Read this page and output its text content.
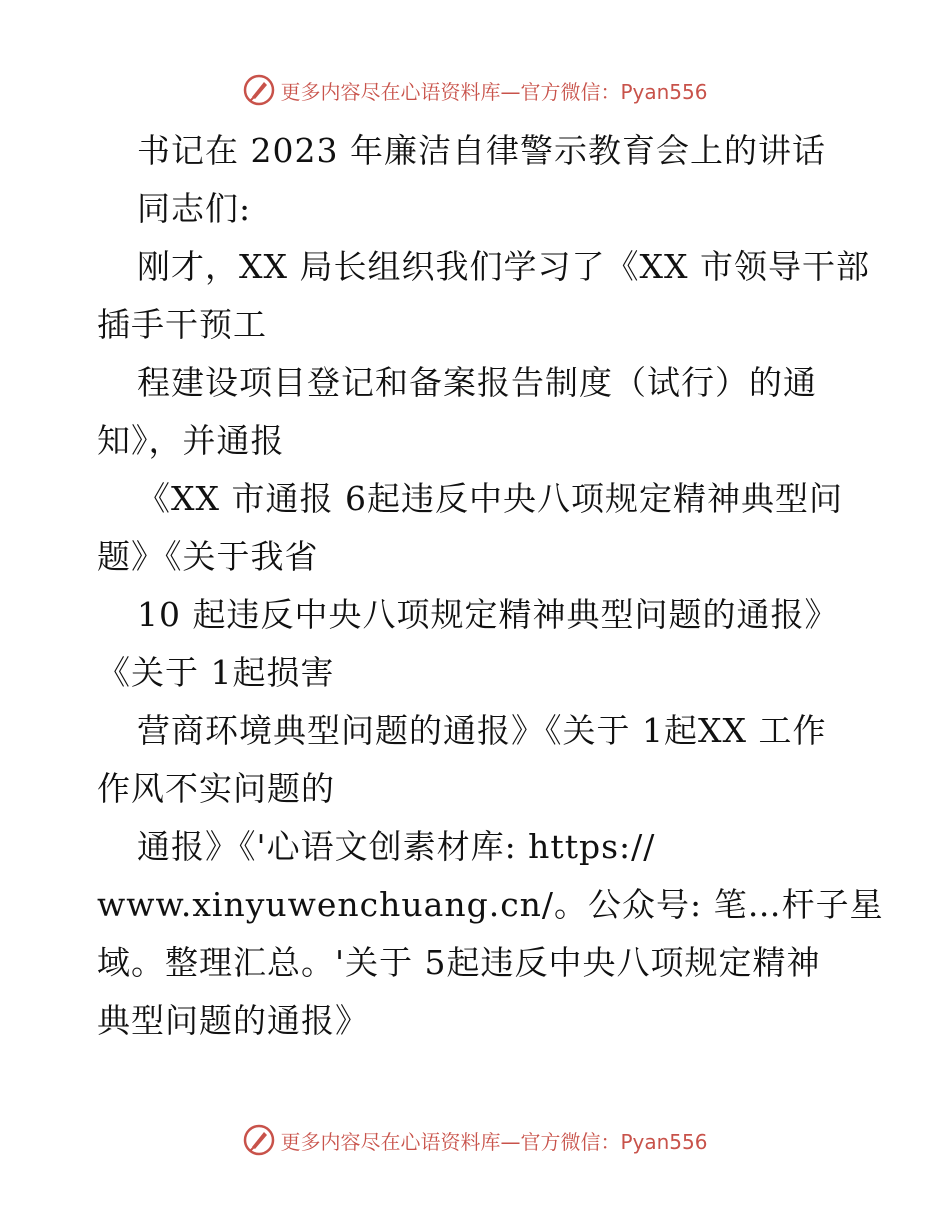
更多内容尽在心语资料库—官方微信：Pyan556
书记在 2023 年廉洁自律警示教育会上的讲话
同志们:
刚才，XX 局长组织我们学习了《XX 市领导干部
插手干预工
程建设项目登记和备案报告制度（试行）的通
知》，并通报
《XX 市通报 6起违反中央八项规定精神典型问
题》《关于我省
10 起违反中央八项规定精神典型问题的通报》
《关于 1起损害
营商环境典型问题的通报》《关于 1起XX 工作
作风不实问题的
通报》《'心语文创素材库: https://
www.xinyuwenchuang.cn/。公众号: 笔…杆子星
域。整理汇总。'关于 5起违反中央八项规定精神
典型问题的通报》
更多内容尽在心语资料库—官方微信：Pyan556
